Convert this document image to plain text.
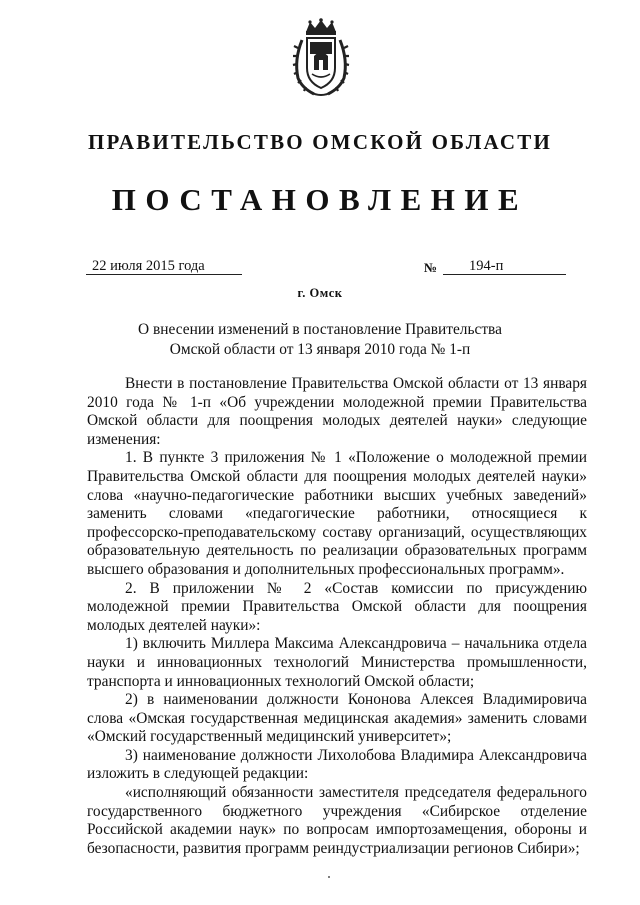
ПРАВИТЕЛЬСТВО ОМСКОЙ ОБЛАСТИ
ПОСТАНОВЛЕНИЕ
22 июля 2015 года	№	194-п
г. Омск
О внесении изменений в постановление Правительства
Омской области от 13 января 2010 года № 1-п

Внести в постановление Правительства Омской области от 13 января 2010 года № 1-п «Об учреждении молодежной премии Правительства Омской области для поощрения молодых деятелей науки» следующие изменения:

1. В пункте 3 приложения № 1 «Положение о молодежной премии Правительства Омской области для поощрения молодых деятелей науки» слова «научно-педагогические работники высших учебных заведений» заменить словами «педагогические работники, относящиеся к профессорско-преподавательскому составу организаций, осуществляющих образовательную деятельность по реализации образовательных программ высшего образования и дополнительных профессиональных программ».

2. В приложении № 2 «Состав комиссии по присуждению молодежной премии Правительства Омской области для поощрения молодых деятелей науки»:

1) включить Миллера Максима Александровича – начальника отдела науки и инновационных технологий Министерства промышленности, транспорта и инновационных технологий Омской области;

2) в наименовании должности Кононова Алексея Владимировича слова «Омская государственная медицинская академия» заменить словами «Омский государственный медицинский университет»;

3) наименование должности Лихолобова Владимира Александровича изложить в следующей редакции:

«исполняющий обязанности заместителя председателя федерального государственного бюджетного учреждения «Сибирское отделение Российской академии наук» по вопросам импортозамещения, обороны и безопасности, развития программ реиндустриализации регионов Сибири»;
